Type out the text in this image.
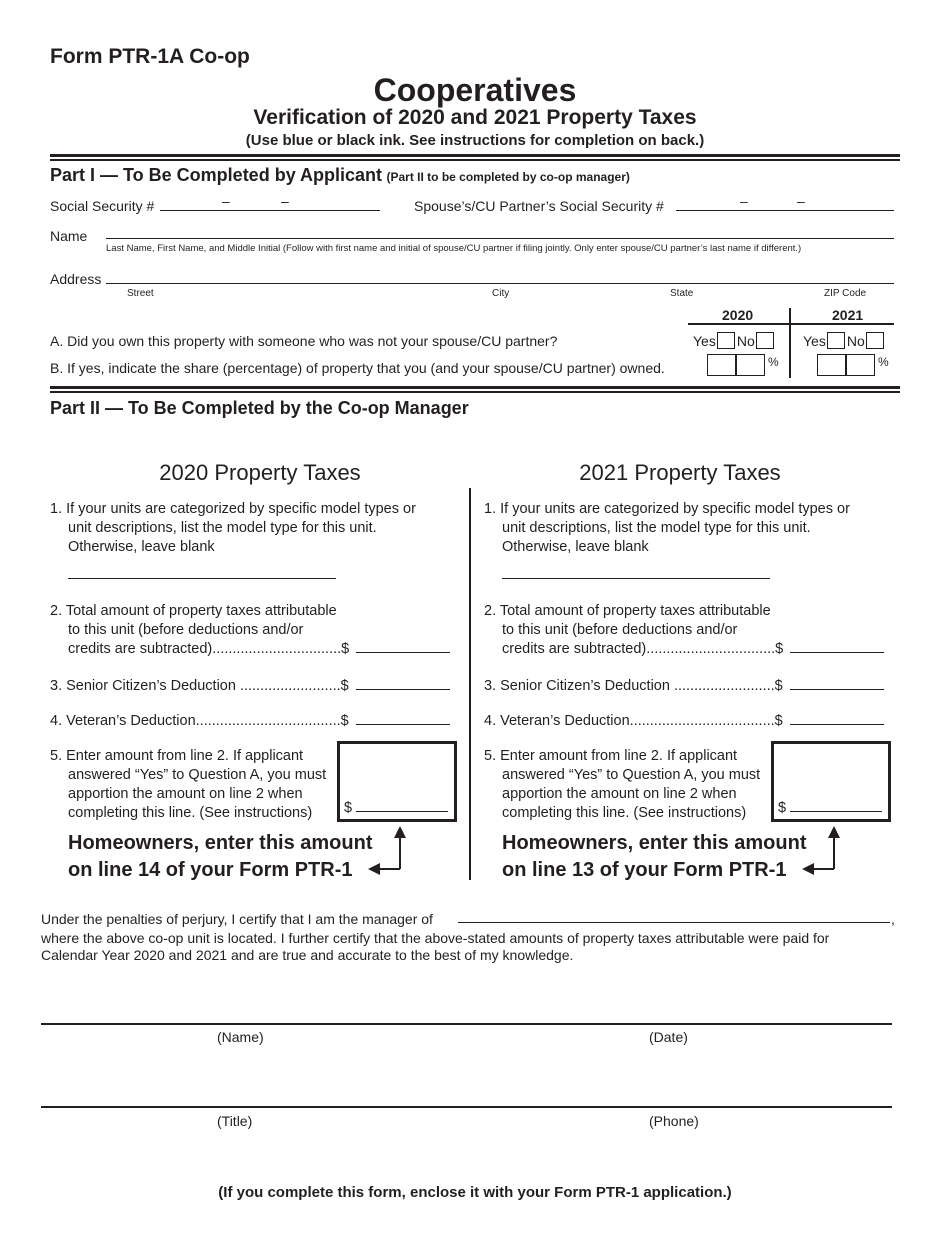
Form PTR-1A Co-op
Cooperatives
Verification of 2020 and 2021 Property Taxes
(Use blue or black ink. See instructions for completion on back.)
Part I — To Be Completed by Applicant (Part II to be completed by co-op manager)
Social Security #	–	–	Spouse’s/CU Partner’s Social Security #	–	–
Name
Last Name, First Name, and Middle Initial (Follow with first name and initial of spouse/CU partner if filing jointly. Only enter spouse/CU partner’s last name if different.)
Address
Street	City	State	ZIP Code
2020	2021
A. Did you own this property with someone who was not your spouse/CU partner?	Yes No	Yes No
B. If yes, indicate the share (percentage) of property that you (and your spouse/CU partner) owned.	%	%
Part II — To Be Completed by the Co-op Manager
2020 Property Taxes
1. If your units are categorized by specific model types or
unit descriptions, list the model type for this unit.
Otherwise, leave blank
2. Total amount of property taxes attributable
to this unit (before deductions and/or
credits are subtracted)................................$
3. Senior Citizen’s Deduction .........................$
4. Veteran’s Deduction....................................$
5. Enter amount from line 2. If applicant
answered “Yes” to Question A, you must
apportion the amount on line 2 when
completing this line. (See instructions)	$
Homeowners, enter this amount
on line 14 of your Form PTR-1
2021 Property Taxes
1. If your units are categorized by specific model types or
unit descriptions, list the model type for this unit.
Otherwise, leave blank
2. Total amount of property taxes attributable
to this unit (before deductions and/or
credits are subtracted)................................$
3. Senior Citizen’s Deduction .........................$
4. Veteran’s Deduction....................................$
5. Enter amount from line 2. If applicant
answered “Yes” to Question A, you must
apportion the amount on line 2 when
completing this line. (See instructions)	$
Homeowners, enter this amount
on line 13 of your Form PTR-1
Under the penalties of perjury, I certify that I am the manager of	,
where the above co-op unit is located. I further certify that the above-stated amounts of property taxes attributable were paid for
Calendar Year 2020 and 2021 and are true and accurate to the best of my knowledge.
(Name)	(Date)
(Title)	(Phone)
(If you complete this form, enclose it with your Form PTR-1 application.)
